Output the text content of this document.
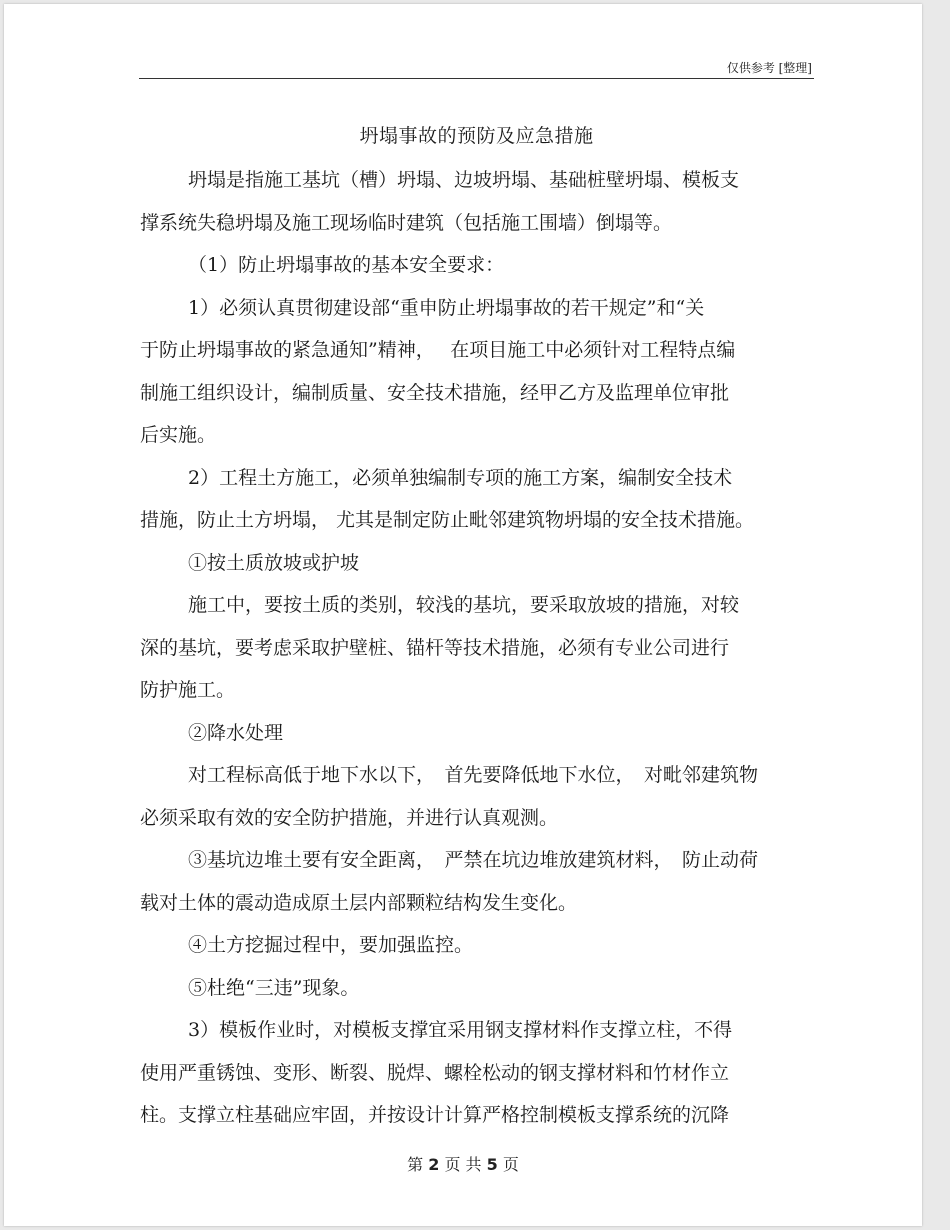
仅供参考 [整理]
坍塌事故的预防及应急措施
坍塌是指施工基坑（槽）坍塌、边坡坍塌、基础桩壁坍塌、模板支
撑系统失稳坍塌及施工现场临时建筑（包括施工围墙）倒塌等。
（1）防止坍塌事故的基本安全要求：
1）必须认真贯彻建设部“重申防止坍塌事故的若干规定”和“关
于防止坍塌事故的紧急通知”精神，　 在项目施工中必须针对工程特点编
制施工组织设计，编制质量、安全技术措施，经甲乙方及监理单位审批
后实施。
2）工程土方施工，必须单独编制专项的施工方案，编制安全技术
措施，防止土方坍塌， 尤其是制定防止毗邻建筑物坍塌的安全技术措施。
①按土质放坡或护坡
施工中，要按土质的类别，较浅的基坑，要采取放坡的措施，对较
深的基坑，要考虑采取护壁桩、锚杆等技术措施，必须有专业公司进行
防护施工。
②降水处理
对工程标高低于地下水以下，　首先要降低地下水位，　对毗邻建筑物
必须采取有效的安全防护措施，并进行认真观测。
③基坑边堆土要有安全距离，　严禁在坑边堆放建筑材料，　防止动荷
载对土体的震动造成原土层内部颗粒结构发生变化。
④土方挖掘过程中，要加强监控。
⑤杜绝“三违”现象。
3）模板作业时，对模板支撑宜采用钢支撑材料作支撑立柱，不得
使用严重锈蚀、变形、断裂、脱焊、螺栓松动的钢支撑材料和竹材作立
柱。支撑立柱基础应牢固，并按设计计算严格控制模板支撑系统的沉降
第 2 页 共 5 页
